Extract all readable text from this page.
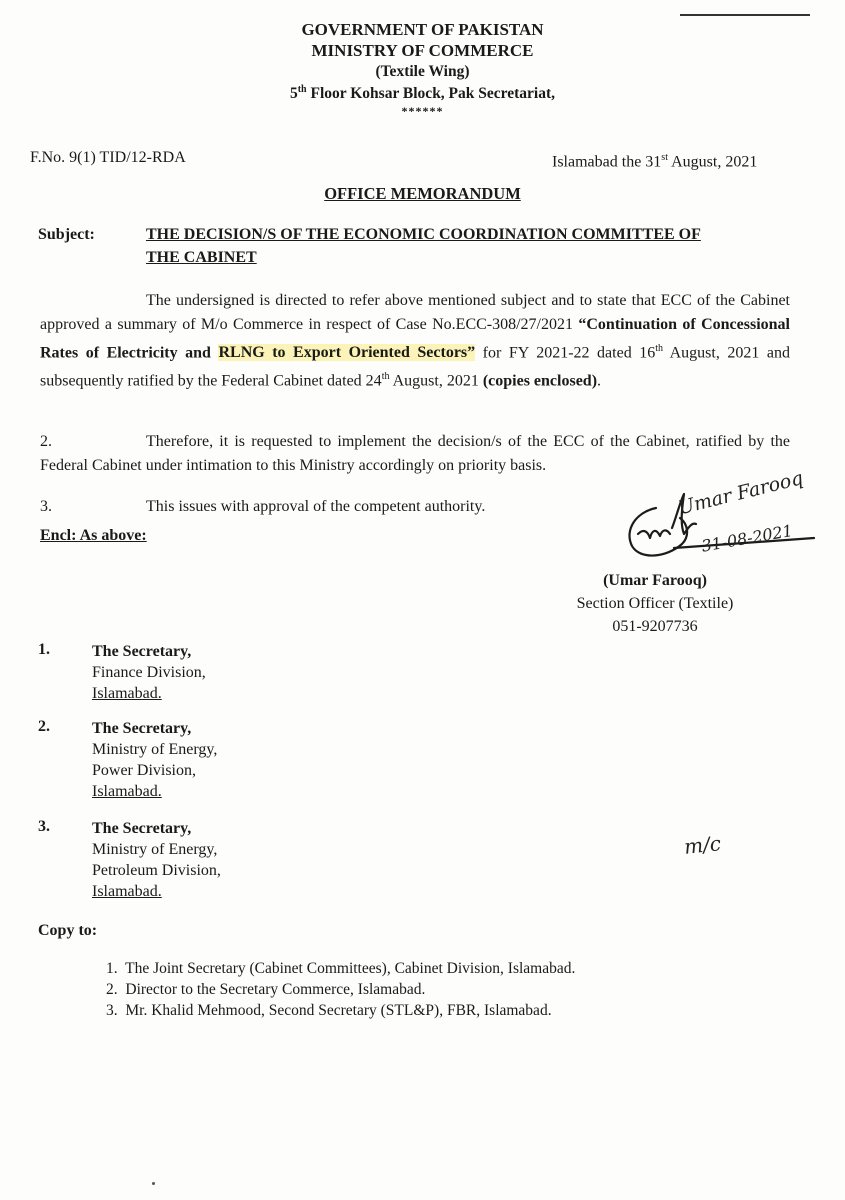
GOVERNMENT OF PAKISTAN
MINISTRY OF COMMERCE
(Textile Wing)
5th Floor Kohsar Block, Pak Secretariat,
******
F.No. 9(1) TID/12-RDA	Islamabad the 31st August, 2021
OFFICE MEMORANDUM
Subject:	THE DECISION/S OF THE ECONOMIC COORDINATION COMMITTEE OF
THE CABINET
The undersigned is directed to refer above mentioned subject and to state that ECC of the Cabinet approved a summary of M/o Commerce in respect of Case No.ECC-308/27/2021 “Continuation of Concessional Rates of Electricity and RLNG to Export Oriented Sectors” for FY 2021-22 dated 16th August, 2021 and subsequently ratified by the Federal Cabinet dated 24th August, 2021 (copies enclosed).
2.	Therefore, it is requested to implement the decision/s of the ECC of the Cabinet, ratified by the Federal Cabinet under intimation to this Ministry accordingly on priority basis.
3.	This issues with approval of the competent authority.
Encl: As above:
Umar Farooq
31-08-2021
(Umar Farooq)
Section Officer (Textile)
051-9207736
1.	The Secretary,
Finance Division,
Islamabad.
2.	The Secretary,
Ministry of Energy,
Power Division,
Islamabad.
3.	The Secretary,
Ministry of Energy,
Petroleum Division,
Islamabad.
m/c
Copy to:
1.  The Joint Secretary (Cabinet Committees), Cabinet Division, Islamabad.
2.  Director to the Secretary Commerce, Islamabad.
3.  Mr. Khalid Mehmood, Second Secretary (STL&P), FBR, Islamabad.
